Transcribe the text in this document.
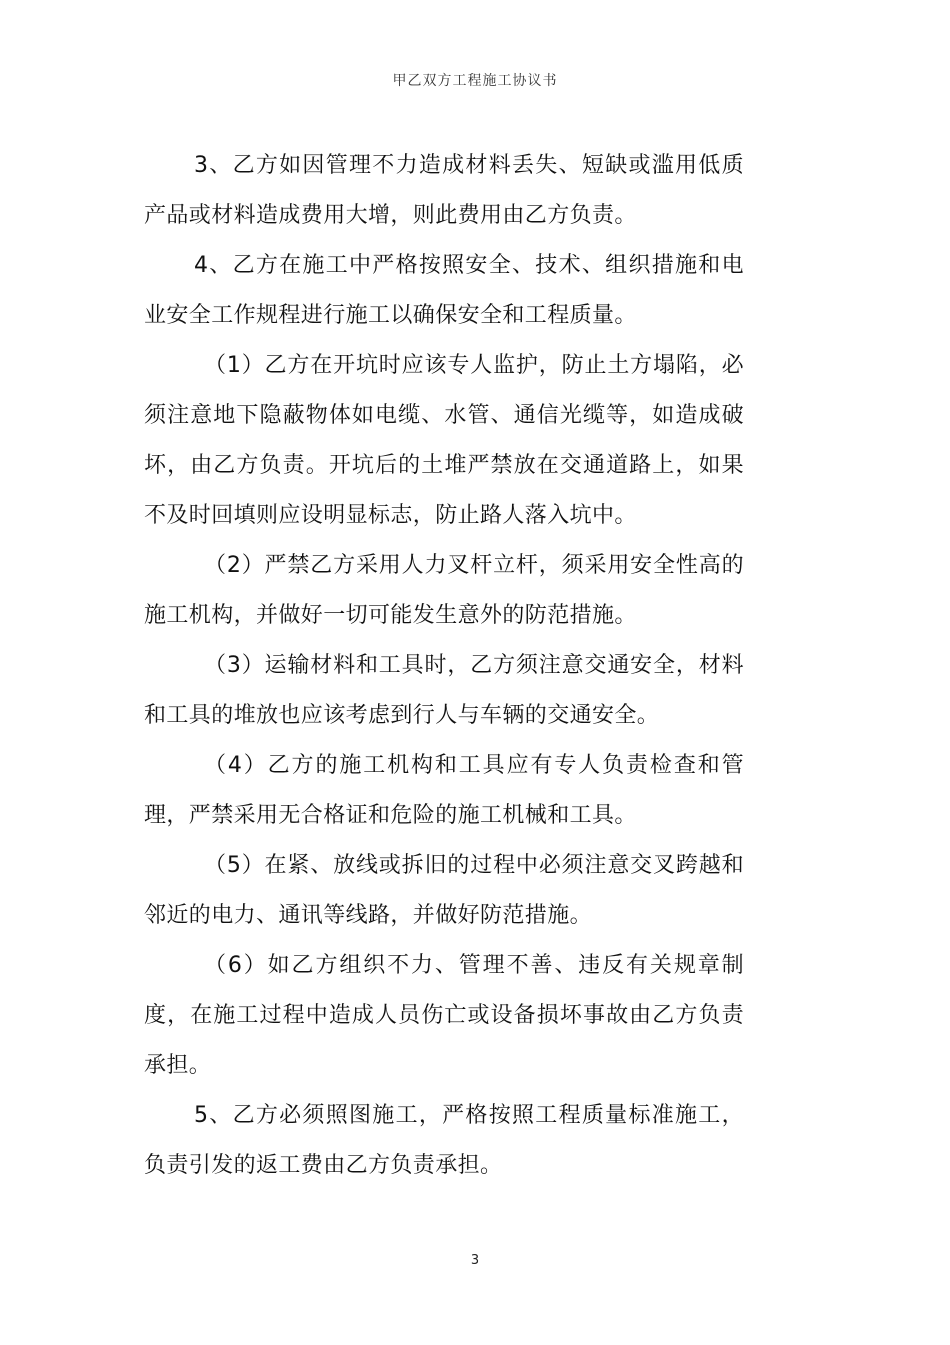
甲乙双方工程施工协议书

3、乙方如因管理不力造成材料丢失、短缺或滥用低质产品或材料造成费用大增，则此费用由乙方负责。

4、乙方在施工中严格按照安全、技术、组织措施和电业安全工作规程进行施工以确保安全和工程质量。

（1）乙方在开坑时应该专人监护，防止土方塌陷，必须注意地下隐蔽物体如电缆、水管、通信光缆等，如造成破坏，由乙方负责。开坑后的土堆严禁放在交通道路上，如果不及时回填则应设明显标志，防止路人落入坑中。

（2）严禁乙方采用人力叉杆立杆，须采用安全性高的施工机构，并做好一切可能发生意外的防范措施。

（3）运输材料和工具时，乙方须注意交通安全，材料和工具的堆放也应该考虑到行人与车辆的交通安全。

（4）乙方的施工机构和工具应有专人负责检查和管理，严禁采用无合格证和危险的施工机械和工具。

（5）在紧、放线或拆旧的过程中必须注意交叉跨越和邻近的电力、通讯等线路，并做好防范措施。

（6）如乙方组织不力、管理不善、违反有关规章制度，在施工过程中造成人员伤亡或设备损坏事故由乙方负责承担。

5、乙方必须照图施工，严格按照工程质量标准施工，负责引发的返工费由乙方负责承担。

3
